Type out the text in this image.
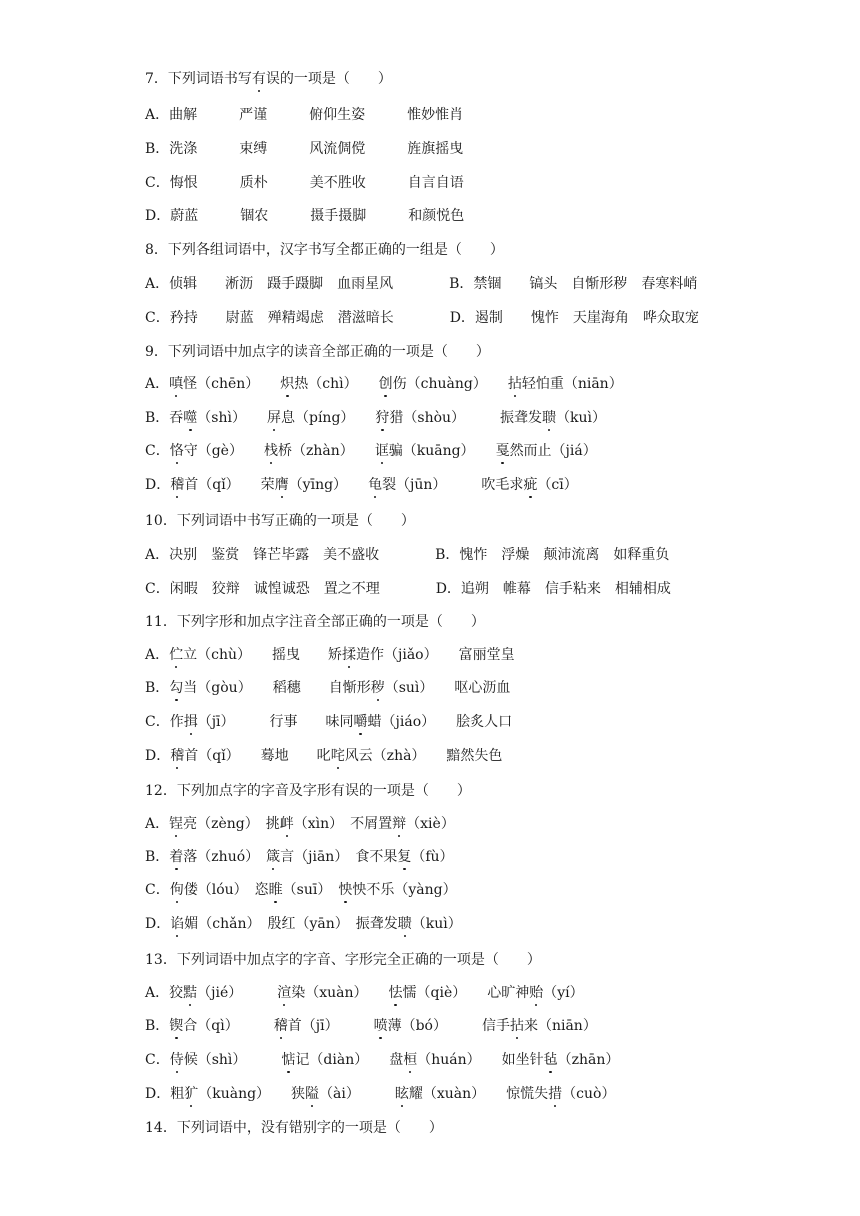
7．下列词语书写有误的一项是（　　）
A．曲解　　　严谨　　　俯仰生姿　　　惟妙惟肖
B．洗涤　　　束缚　　　风流倜傥　　　旌旗摇曳
C．悔恨　　　质朴　　　美不胜收　　　自言自语
D．蔚蓝　　　锢农　　　摄手摄脚　　　和颜悦色
8．下列各组词语中，汉字书写全都正确的一组是（　　）
A．侦辑　　淅沥　蹑手蹑脚　血雨星风　　　　B．禁锢　　镐头　自惭形秽　春寒料峭
C．矜持　　尉蓝　殚精竭虑　潜滋暗长　　　　D．遏制　　愧怍　天崖海角　哗众取宠
9．下列词语中加点字的读音全部正确的一项是（　　）
A．嗔怪（chēn）　　炽热（chì）　　创伤（chuàng）　　拈轻怕重（niān）
B．吞噬（shì）　　屏息（píng）　　狩猎（shòu）　　　振聋发聩（kuì）
C．恪守（gè）　　栈桥（zhàn）　　诓骗（kuāng）　　戛然而止（jiá）
D．稽首（qǐ）　　荣膺（yīng）　　龟裂（jūn）　　　吹毛求疵（cī）
10．下列词语中书写正确的一项是（　　）
A．决别　鉴赏　锋芒毕露　美不盛收　　　　B．愧怍　浮燥　颠沛流离　如释重负
C．闲暇　狡辩　诚惶诚恐　置之不理　　　　D．追朔　帷幕　信手粘来　相辅相成
11．下列字形和加点字注音全部正确的一项是（　　）
A．伫立（chù）　　摇曳　　矫揉造作（jiǎo）　　富丽堂皇
B．勾当（gòu）　　稻穗　　自惭形秽（suì）　　呕心沥血
C．作揖（jī）　　　行事　　味同嚼蜡（jiáo）　　脍炙人口
D．稽首（qǐ）　　蓦地　　叱咤风云（zhà）　　黯然失色
12．下列加点字的字音及字形有误的一项是（　　）
A．锃亮（zèng）　挑衅（xìn）　不屑置辩（xiè）
B．着落（zhuó）　箴言（jiān）　食不果复（fù）
C．佝偻（lóu）　恣睢（suī）　怏怏不乐（yàng）
D．谄媚（chǎn）　殷红（yān）　振聋发聩（kuì）
13．下列词语中加点字的字音、字形完全正确的一项是（　　）
A．狡黠（jié）　　　渲染（xuàn）　　怯懦（qiè）　　心旷神贻（yí）
B．锲合（qì）　　　稽首（jī）　　　喷薄（bó）　　　信手拈来（niān）
C．侍候（shì）　　　惦记（diàn）　　盘桓（huán）　　如坐针毡（zhān）
D．粗犷（kuàng）　　狭隘（ài）　　　眩耀（xuàn）　　惊慌失措（cuò）
14．下列词语中，没有错别字的一项是（　　）
